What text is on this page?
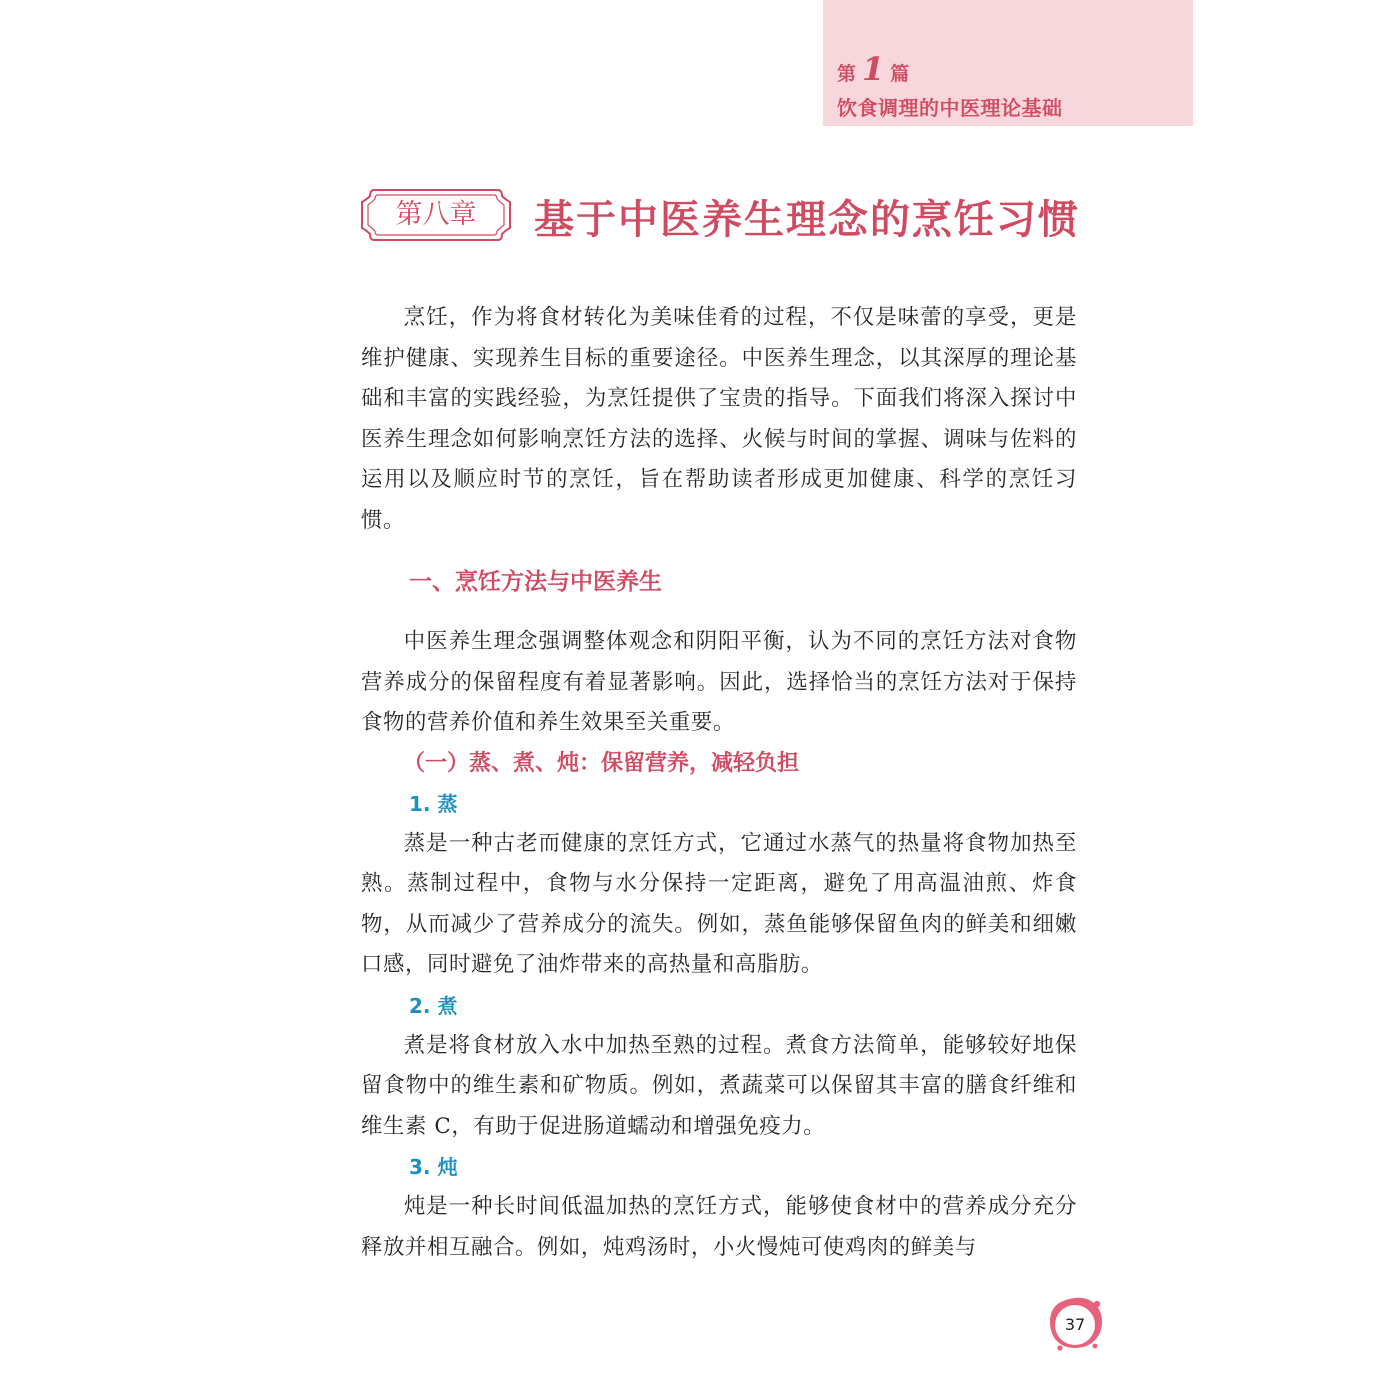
第 1 篇
饮食调理的中医理论基础
第八章	基于中医养生理念的烹饪习惯

烹饪，作为将食材转化为美味佳肴的过程，不仅是味蕾的享受，更是维护健康、实现养生目标的重要途径。中医养生理念，以其深厚的理论基础和丰富的实践经验，为烹饪提供了宝贵的指导。下面我们将深入探讨中医养生理念如何影响烹饪方法的选择、火候与时间的掌握、调味与佐料的运用以及顺应时节的烹饪，旨在帮助读者形成更加健康、科学的烹饪习惯。

一、烹饪方法与中医养生

中医养生理念强调整体观念和阴阳平衡，认为不同的烹饪方法对食物营养成分的保留程度有着显著影响。因此，选择恰当的烹饪方法对于保持食物的营养价值和养生效果至关重要。

（一）蒸、煮、炖：保留营养，减轻负担
1. 蒸

蒸是一种古老而健康的烹饪方式，它通过水蒸气的热量将食物加热至熟。蒸制过程中，食物与水分保持一定距离，避免了用高温油煎、炸食物，从而减少了营养成分的流失。例如，蒸鱼能够保留鱼肉的鲜美和细嫩口感，同时避免了油炸带来的高热量和高脂肪。

2. 煮

煮是将食材放入水中加热至熟的过程。煮食方法简单，能够较好地保留食物中的维生素和矿物质。例如，煮蔬菜可以保留其丰富的膳食纤维和维生素 C，有助于促进肠道蠕动和增强免疫力。

3. 炖

炖是一种长时间低温加热的烹饪方式，能够使食材中的营养成分充分释放并相互融合。例如，炖鸡汤时，小火慢炖可使鸡肉的鲜美与

37
